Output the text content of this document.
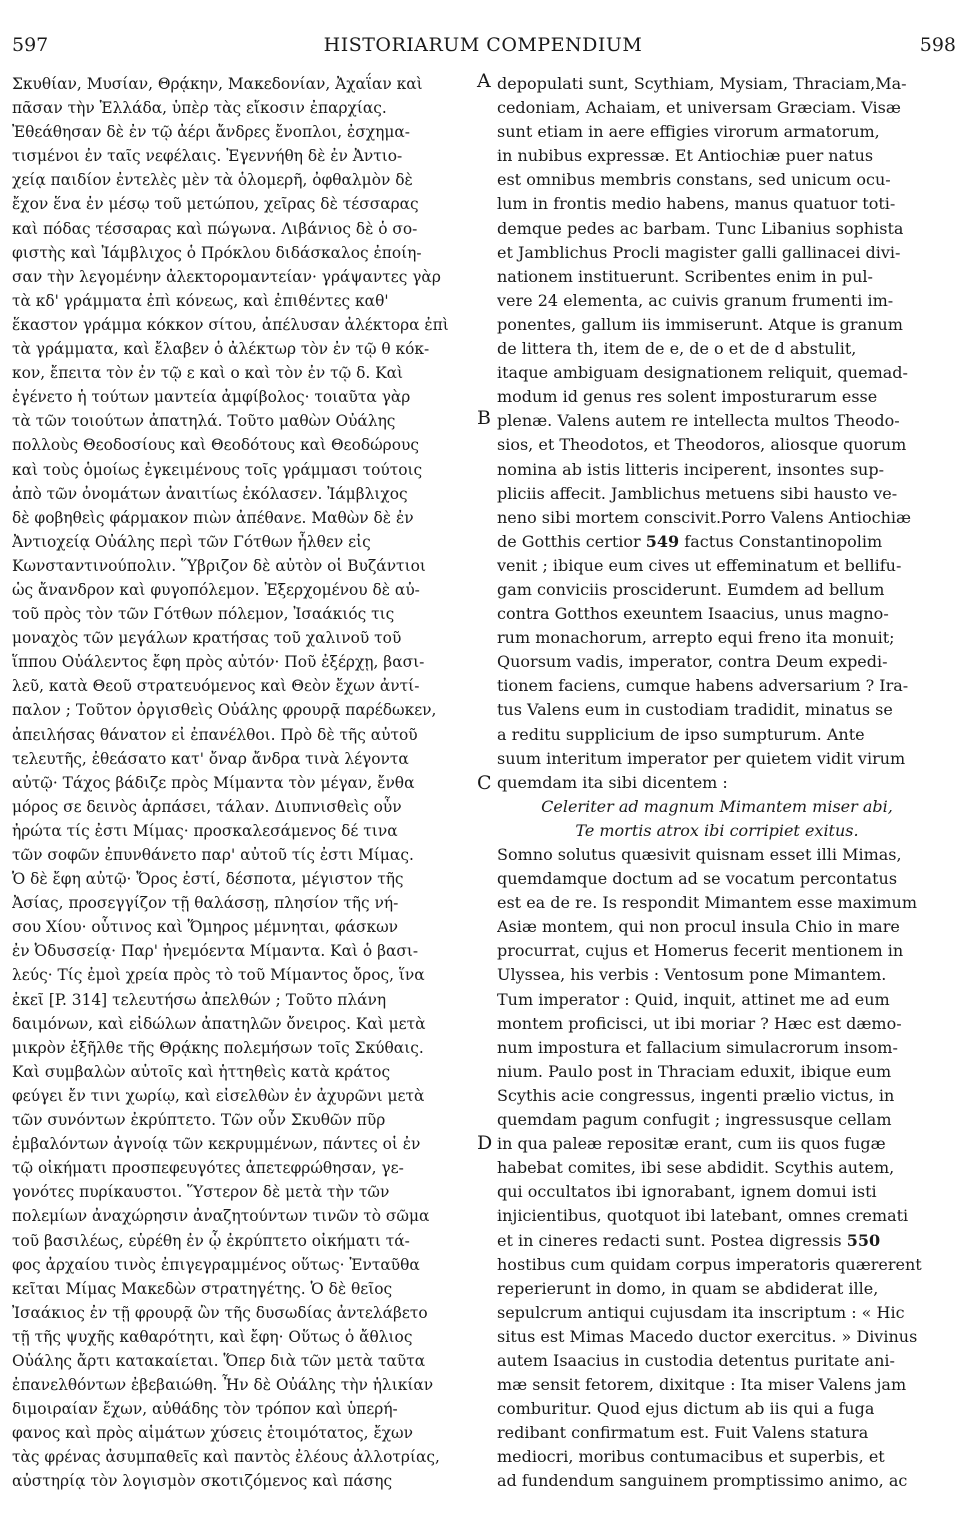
597	HISTORIARUM COMPENDIUM	598
A
B
C
D
Σκυθίαν, Μυσίαν, Θρᾴκην, Μακεδονίαν, Ἀχαΐαν καὶ
πᾶσαν τὴν Ἑλλάδα, ὑπὲρ τὰς εἴκοσιν ἐπαρχίας.
Ἐθεάθησαν δὲ ἐν τῷ ἀέρι ἄνδρες ἔνοπλοι, ἐσχημα-
τισμένοι ἐν ταῖς νεφέλαις. Ἐγεννήθη δὲ ἐν Ἀντιο-
χείᾳ παιδίον ἐντελὲς μὲν τὰ ὁλομερῆ, ὀφθαλμὸν δὲ
ἔχον ἕνα ἐν μέσῳ τοῦ μετώπου, χεῖρας δὲ τέσσαρας
καὶ πόδας τέσσαρας καὶ πώγωνα. Λιβάνιος δὲ ὁ σο-
φιστὴς καὶ Ἰάμβλιχος ὁ Πρόκλου διδάσκαλος ἐποίη-
σαν τὴν λεγομένην ἀλεκτορομαντείαν· γράψαντες γὰρ
τὰ κδ' γράμματα ἐπὶ κόνεως, καὶ ἐπιθέντες καθ'
ἕκαστον γράμμα κόκκον σίτου, ἀπέλυσαν ἀλέκτορα ἐπὶ
τὰ γράμματα, καὶ ἔλαβεν ὁ ἀλέκτωρ τὸν ἐν τῷ θ κόκ-
κον, ἔπειτα τὸν ἐν τῷ ε καὶ ο καὶ τὸν ἐν τῷ δ. Καὶ
ἐγένετο ἡ τούτων μαντεία ἀμφίβολος· τοιαῦτα γὰρ
τὰ τῶν τοιούτων ἀπατηλά. Τοῦτο μαθὼν Οὐάλης
πολλοὺς Θεοδοσίους καὶ Θεοδότους καὶ Θεοδώρους
καὶ τοὺς ὁμοίως ἐγκειμένους τοῖς γράμμασι τούτοις
ἀπὸ τῶν ὀνομάτων ἀναιτίως ἐκόλασεν. Ἰάμβλιχος
δὲ φοβηθεὶς φάρμακον πιὼν ἀπέθανε. Μαθὼν δὲ ἐν
Ἀντιοχείᾳ Οὐάλης περὶ τῶν Γότθων ἦλθεν εἰς
Κωνσταντινούπολιν. Ὕβριζον δὲ αὐτὸν οἱ Βυζάντιοι
ὡς ἄνανδρον καὶ φυγοπόλεμον. Ἐξερχομένου δὲ αὐ-
τοῦ πρὸς τὸν τῶν Γότθων πόλεμον, Ἰσαάκιός τις
μοναχὸς τῶν μεγάλων κρατήσας τοῦ χαλινοῦ τοῦ
ἵππου Οὐάλεντος ἔφη πρὸς αὐτόν· Ποῦ ἐξέρχῃ, βασι-
λεῦ, κατὰ Θεοῦ στρατευόμενος καὶ Θεὸν ἔχων ἀντί-
παλον ; Τοῦτον ὀργισθεὶς Οὐάλης φρουρᾷ παρέδωκεν,
ἀπειλήσας θάνατον εἰ ἐπανέλθοι. Πρὸ δὲ τῆς αὐτοῦ
τελευτῆς, ἐθεάσατο κατ' ὄναρ ἄνδρα τινὰ λέγοντα
αὐτῷ· Τάχος βάδιζε πρὸς Μίμαντα τὸν μέγαν, ἔνθα
μόρος σε δεινὸς ἁρπάσει, τάλαν. Διυπνισθεὶς οὖν
ἠρώτα τίς ἐστι Μίμας· προσκαλεσάμενος δέ τινα
τῶν σοφῶν ἐπυνθάνετο παρ' αὐτοῦ τίς ἐστι Μίμας.
Ὁ δὲ ἔφη αὐτῷ· Ὄρος ἐστί, δέσποτα, μέγιστον τῆς
Ἀσίας, προσεγγίζον τῇ θαλάσσῃ, πλησίον τῆς νή-
σου Χίου· οὗτινος καὶ Ὅμηρος μέμνηται, φάσκων
ἐν Ὀδυσσείᾳ· Παρ' ἠνεμόεντα Μίμαντα. Καὶ ὁ βασι-
λεύς· Τίς ἐμοὶ χρεία πρὸς τὸ τοῦ Μίμαντος ὄρος, ἵνα
ἐκεῖ [P. 314] τελευτήσω ἀπελθών ; Τοῦτο πλάνη
δαιμόνων, καὶ εἰδώλων ἀπατηλῶν ὄνειρος. Καὶ μετὰ
μικρὸν ἐξῆλθε τῆς Θρᾴκης πολεμήσων τοῖς Σκύθαις.
Καὶ συμβαλὼν αὐτοῖς καὶ ἡττηθεὶς κατὰ κράτος
φεύγει ἔν τινι χωρίῳ, καὶ εἰσελθὼν ἐν ἀχυρῶνι μετὰ
τῶν συνόντων ἐκρύπτετο. Τῶν οὖν Σκυθῶν πῦρ
ἐμβαλόντων ἀγνοίᾳ τῶν κεκρυμμένων, πάντες οἱ ἐν
τῷ οἰκήματι προσπεφευγότες ἀπετεφρώθησαν, γε-
γονότες πυρίκαυστοι. Ὕστερον δὲ μετὰ τὴν τῶν
πολεμίων ἀναχώρησιν ἀναζητούντων τινῶν τὸ σῶμα
τοῦ βασιλέως, εὑρέθη ἐν ᾧ ἐκρύπτετο οἰκήματι τά-
φος ἀρχαίου τινὸς ἐπιγεγραμμένος οὕτως· Ἐνταῦθα
κεῖται Μίμας Μακεδὼν στρατηγέτης. Ὁ δὲ θεῖος
Ἰσαάκιος ἐν τῇ φρουρᾷ ὢν τῆς δυσωδίας ἀντελάβετο
τῇ τῆς ψυχῆς καθαρότητι, καὶ ἔφη· Οὕτως ὁ ἄθλιος
Οὐάλης ἄρτι κατακαίεται. Ὅπερ διὰ τῶν μετὰ ταῦτα
ἐπανελθόντων ἐβεβαιώθη. Ἦν δὲ Οὐάλης τὴν ἡλικίαν
διμοιραίαν ἔχων, αὐθάδης τὸν τρόπον καὶ ὑπερή-
φανος καὶ πρὸς αἱμάτων χύσεις ἑτοιμότατος, ἔχων
τὰς φρένας ἀσυμπαθεῖς καὶ παντὸς ἐλέους ἀλλοτρίας,
αὐστηρίᾳ τὸν λογισμὸν σκοτιζόμενος καὶ πάσης
depopulati sunt, Scythiam, Mysiam, Thraciam,Ma-
cedoniam, Achaiam, et universam Græciam. Visæ
sunt etiam in aere effigies virorum armatorum,
in nubibus expressæ. Et Antiochiæ puer natus
est omnibus membris constans, sed unicum ocu-
lum in frontis medio habens, manus quatuor toti-
demque pedes ac barbam. Tunc Libanius sophista
et Jamblichus Procli magister galli gallinacei divi-
nationem instituerunt. Scribentes enim in pul-
vere 24 elementa, ac cuivis granum frumenti im-
ponentes, gallum iis immiserunt. Atque is granum
de littera th, item de e, de o et de d abstulit,
itaque ambiguam designationem reliquit, quemad-
modum id genus res solent imposturarum esse
plenæ. Valens autem re intellecta multos Theodo-
sios, et Theodotos, et Theodoros, aliosque quorum
nomina ab istis litteris inciperent, insontes sup-
pliciis affecit. Jamblichus metuens sibi hausto ve-
neno sibi mortem conscivit.Porro Valens Antiochiæ
de Gotthis certior 549 factus Constantinopolim
venit ; ibique eum cives ut effeminatum et bellifu-
gam conviciis prosciderunt. Eumdem ad bellum
contra Gotthos exeuntem Isaacius, unus magno-
rum monachorum, arrepto equi freno ita monuit;
Quorsum vadis, imperator, contra Deum expedi-
tionem faciens, cumque habens adversarium ? Ira-
tus Valens eum in custodiam tradidit, minatus se
a reditu supplicium de ipso sumpturum. Ante
suum interitum imperator per quietem vidit virum
quemdam ita sibi dicentem :
Celeriter ad magnum Mimantem miser abi,
Te mortis atrox ibi corripiet exitus.
Somno solutus quæsivit quisnam esset illi Mimas,
quemdamque doctum ad se vocatum percontatus
est ea de re. Is respondit Mimantem esse maximum
Asiæ montem, qui non procul insula Chio in mare
procurrat, cujus et Homerus fecerit mentionem in
Ulyssea, his verbis : Ventosum pone Mimantem.
Tum imperator : Quid, inquit, attinet me ad eum
montem proficisci, ut ibi moriar ? Hæc est dæmo-
num impostura et fallacium simulacrorum insom-
nium. Paulo post in Thraciam eduxit, ibique eum
Scythis acie congressus, ingenti prælio victus, in
quemdam pagum confugit ; ingressusque cellam
in qua paleæ repositæ erant, cum iis quos fugæ
habebat comites, ibi sese abdidit. Scythis autem,
qui occultatos ibi ignorabant, ignem domui isti
injicientibus, quotquot ibi latebant, omnes cremati
et in cineres redacti sunt. Postea digressis 550
hostibus cum quidam corpus imperatoris quærerent
reperierunt in domo, in quam se abdiderat ille,
sepulcrum antiqui cujusdam ita inscriptum : « Hic
situs est Mimas Macedo ductor exercitus. » Divinus
autem Isaacius in custodia detentus puritate ani-
mæ sensit fetorem, dixitque : Ita miser Valens jam
comburitur. Quod ejus dictum ab iis qui a fuga
redibant confirmatum est. Fuit Valens statura
mediocri, moribus contumacibus et superbis, et
ad fundendum sanguinem promptissimo animo, ac
